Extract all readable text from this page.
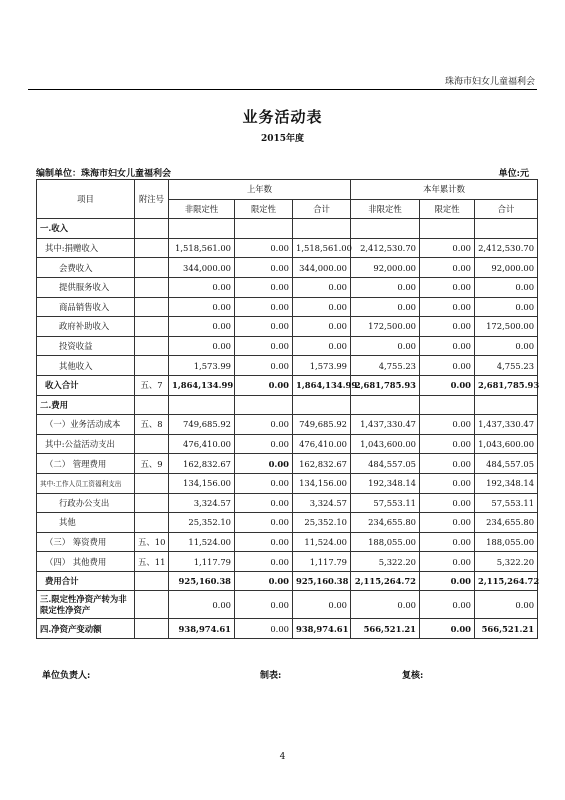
珠海市妇女儿童福利会
业务活动表
2015年度
编制单位：珠海市妇女儿童福利会	单位:元
项目	附注号	上年数			本年累计数		
		非限定性	限定性	合计	非限定性	限定性	合计
一.收入							
其中:捐赠收入		1,518,561.00	0.00	1,518,561.00	2,412,530.70	0.00	2,412,530.70
会费收入		344,000.00	0.00	344,000.00	92,000.00	0.00	92,000.00
提供服务收入		0.00	0.00	0.00	0.00	0.00	0.00
商品销售收入		0.00	0.00	0.00	0.00	0.00	0.00
政府补助收入		0.00	0.00	0.00	172,500.00	0.00	172,500.00
投资收益		0.00	0.00	0.00	0.00	0.00	0.00
其他收入		1,573.99	0.00	1,573.99	4,755.23	0.00	4,755.23
收入合计	五、7	1,864,134.99	0.00	1,864,134.99	2,681,785.93	0.00	2,681,785.93
二.费用							
（一）业务活动成本	五、8	749,685.92	0.00	749,685.92	1,437,330.47	0.00	1,437,330.47
其中:公益活动支出		476,410.00	0.00	476,410.00	1,043,600.00	0.00	1,043,600.00
（二） 管理费用	五、9	162,832.67	0.00	162,832.67	484,557.05	0.00	484,557.05
其中:工作人员工资福利支出		134,156.00	0.00	134,156.00	192,348.14	0.00	192,348.14
行政办公支出		3,324.57	0.00	3,324.57	57,553.11	0.00	57,553.11
其他		25,352.10	0.00	25,352.10	234,655.80	0.00	234,655.80
（三） 筹资费用	五、10	11,524.00	0.00	11,524.00	188,055.00	0.00	188,055.00
（四） 其他费用	五、11	1,117.79	0.00	1,117.79	5,322.20	0.00	5,322.20
费用合计		925,160.38	0.00	925,160.38	2,115,264.72	0.00	2,115,264.72
三.限定性净资产转为非限定性净资产		0.00	0.00	0.00	0.00	0.00	0.00
四.净资产变动额		938,974.61	0.00	938,974.61	566,521.21	0.00	566,521.21
单位负责人:	制表:	复核:
4
